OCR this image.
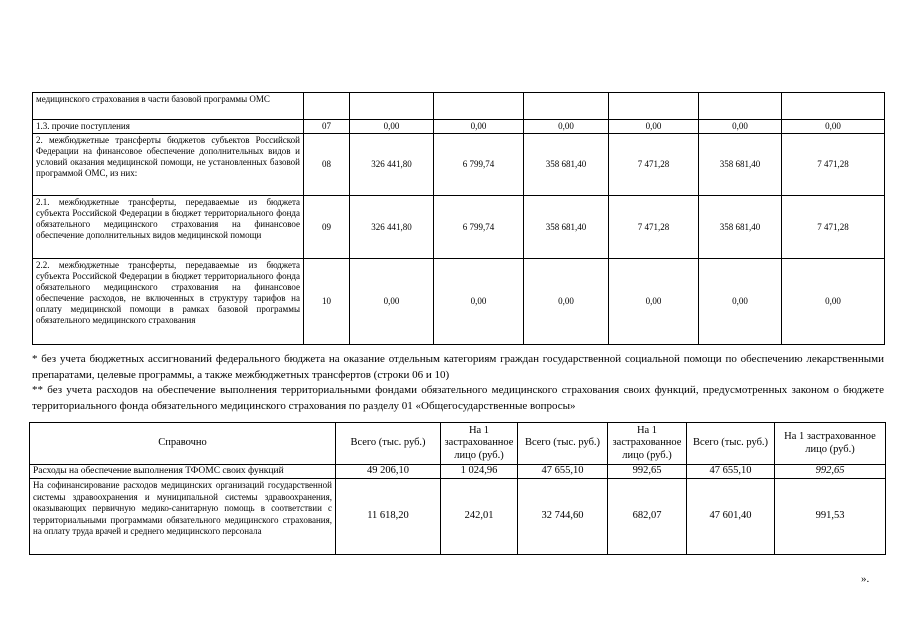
медицинского страхования в части базовой программы ОМС							
1.3. прочие поступления	07	0,00	0,00	0,00	0,00	0,00	0,00
2. межбюджетные трансферты бюджетов субъектов Российской Федерации на финансовое обеспечение дополнительных видов и условий оказания медицинской помощи, не установленных базовой программой ОМС, из них:	08	326 441,80	6 799,74	358 681,40	7 471,28	358 681,40	7 471,28
2.1. межбюджетные трансферты, передаваемые из бюджета субъекта Российской Федерации в бюджет территориального фонда обязательного медицинского страхования на финансовое обеспечение дополнительных видов медицинской помощи	09	326 441,80	6 799,74	358 681,40	7 471,28	358 681,40	7 471,28
2.2. межбюджетные трансферты, передаваемые из бюджета субъекта Российской Федерации в бюджет территориального фонда обязательного медицинского страхования на финансовое обеспечение расходов, не включенных в структуру тарифов на оплату медицинской помощи в рамках базовой программы обязательного медицинского страхования	10	0,00	0,00	0,00	0,00	0,00	0,00
* без учета бюджетных ассигнований федерального бюджета на оказание отдельным категориям граждан государственной социальной помощи по обеспечению лекарственными препаратами, целевые программы, а также межбюджетных трансфертов (строки 06 и 10)
** без учета расходов на обеспечение выполнения территориальными фондами обязательного медицинского страхования своих функций, предусмотренных законом о бюджете территориального фонда обязательного медицинского страхования по разделу 01 «Общегосударственные вопросы»
Справочно	Всего (тыс. руб.)	На 1 застрахованное лицо (руб.)	Всего (тыс. руб.)	На 1 застрахованное лицо (руб.)	Всего (тыс. руб.)	На 1 застрахованное лицо (руб.)
Расходы на обеспечение выполнения ТФОМС своих функций	49 206,10	1 024,96	47 655,10	992,65	47 655,10	992,65
На софинансирование расходов медицинских организаций государственной системы здравоохранения и муниципальной системы здравоохранения, оказывающих первичную медико-санитарную помощь в соответствии с территориальными программами обязательного медицинского страхования, на оплату труда врачей и среднего медицинского персонала	11 618,20	242,01	32 744,60	682,07	47 601,40	991,53
».
